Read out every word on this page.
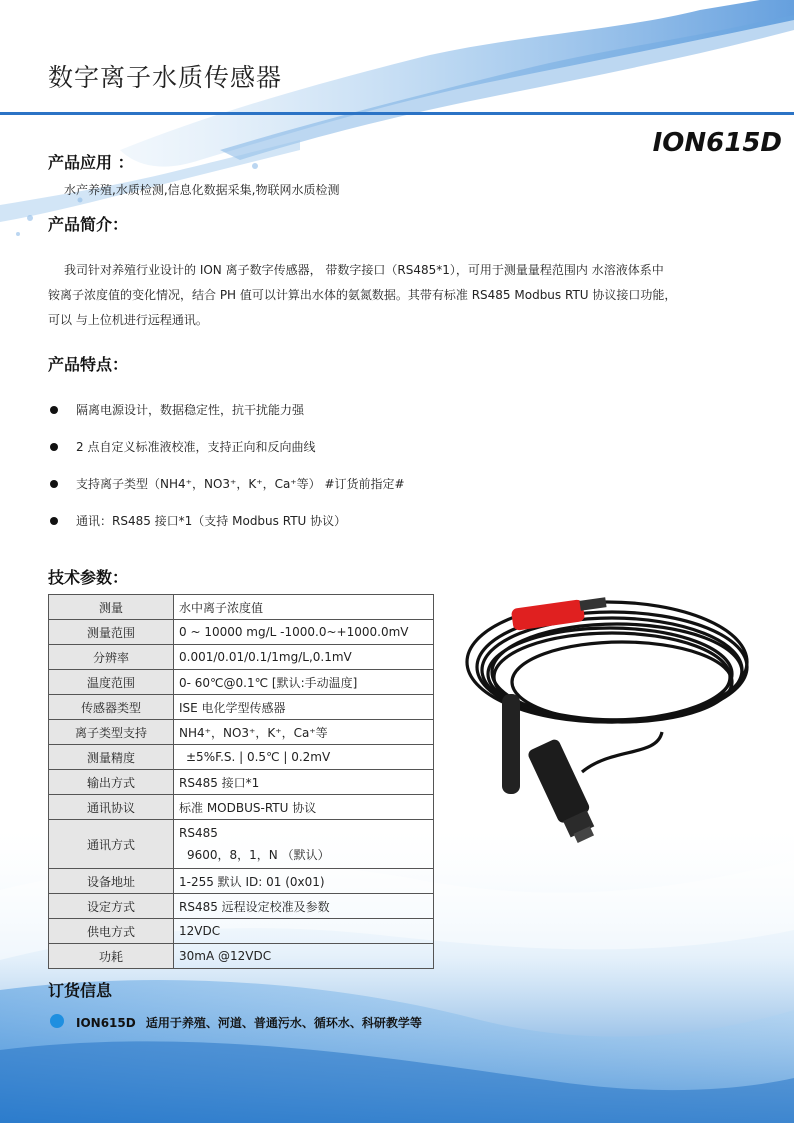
数字离子水质传感器
ION615D
产品应用 ：
水产养殖,水质检测,信息化数据采集,物联网水质检测
产品简介：
我司针对养殖行业设计的 ION 离子数字传感器， 带数字接口（RS485*1），可用于测量量程范围内 水溶液体系中
铵离子浓度值的变化情况，结合 PH 值可以计算出水体的氨氮数据。其带有标准 RS485 Modbus RTU 协议接口功能，
可以 与上位机进行远程通讯。
产品特点：
隔离电源设计，数据稳定性，抗干扰能力强
2 点自定义标准液校准，支持正向和反向曲线
支持离子类型（NH4⁺，NO3⁺，K⁺，Ca⁺等） #订货前指定#
通讯：RS485 接口*1（支持 Modbus RTU 协议）
技术参数：
测量	水中离子浓度值
测量范围	0 ~ 10000 mg/L -1000.0~+1000.0mV
分辨率	0.001/0.01/0.1/1mg/L,0.1mV
温度范围	0- 60℃@0.1℃ [默认:手动温度]
传感器类型	ISE 电化学型传感器
离子类型支持	NH4⁺，NO3⁺，K⁺，Ca⁺等
测量精度	±5%F.S. | 0.5℃ | 0.2mV
输出方式	RS485 接口*1
通讯协议	标准 MODBUS-RTU 协议
通讯方式	RS485
9600，8，1，N （默认）

设备地址	1-255 默认 ID: 01 (0x01)
设定方式	RS485 远程设定校准及参数
供电方式	12VDC
功耗	30mA @12VDC
订货信息
ION615D 适用于养殖、河道、普通污水、循环水、科研教学等
